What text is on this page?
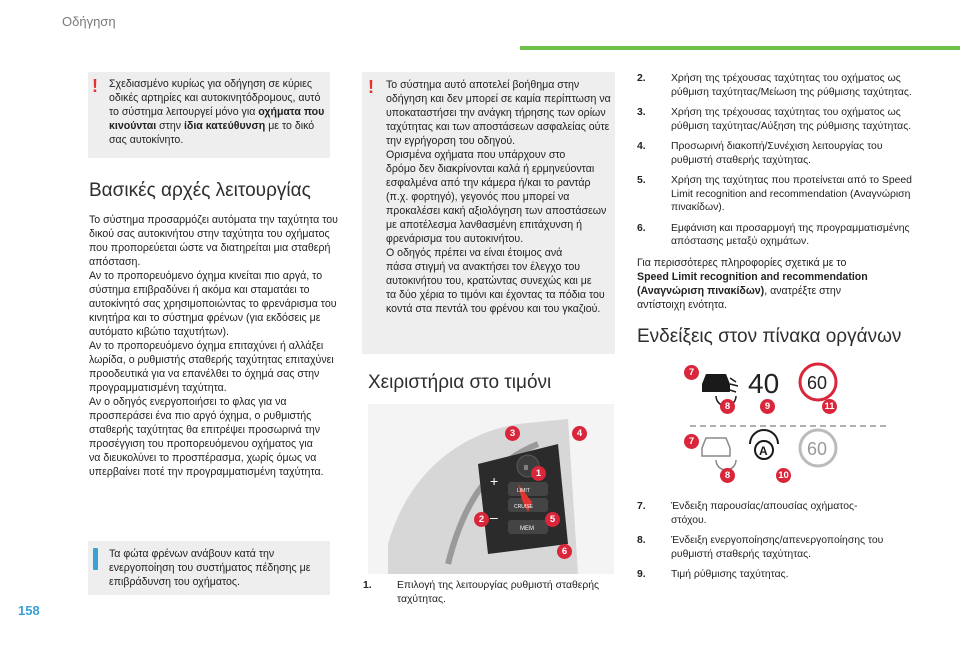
Οδήγηση
! Σχεδιασμένο κυρίως για οδήγηση σε κύριες
οδικές αρτηρίες και αυτοκινητόδρομους, αυτό
το σύστημα λειτουργεί μόνο για οχήματα που
κινούνται στην ίδια κατεύθυνση με το δικό
σας αυτοκίνητο.
Βασικές αρχές λειτουργίας
Το σύστημα προσαρμόζει αυτόματα την ταχύτητα του
δικού σας αυτοκινήτου στην ταχύτητα του οχήματος
που προπορεύεται ώστε να διατηρείται μια σταθερή
απόσταση.
Αν το προπορευόμενο όχημα κινείται πιο αργά, το
σύστημα επιβραδύνει ή ακόμα και σταματάει το
αυτοκίνητό σας χρησιμοποιώντας το φρενάρισμα του
κινητήρα και το σύστημα φρένων (για εκδόσεις με
αυτόματο κιβώτιο ταχυτήτων).
Αν το προπορευόμενο όχημα επιταχύνει ή αλλάξει
λωρίδα, ο ρυθμιστής σταθερής ταχύτητας επιταχύνει
προοδευτικά για να επανέλθει το όχημά σας στην
προγραμματισμένη ταχύτητα.
Αν ο οδηγός ενεργοποιήσει το φλας για να
προσπεράσει ένα πιο αργό όχημα, ο ρυθμιστής
σταθερής ταχύτητας θα επιτρέψει προσωρινά την
προσέγγιση του προπορευόμενου οχήματος για
να διευκολύνει το προσπέρασμα, χωρίς όμως να
υπερβαίνει ποτέ την προγραμματισμένη ταχύτητα.
Τα φώτα φρένων ανάβουν κατά την
ενεργοποίηση του συστήματος πέδησης με
επιβράδυνση του οχήματος.
! Το σύστημα αυτό αποτελεί βοήθημα στην
οδήγηση και δεν μπορεί σε καμία περίπτωση να
υποκαταστήσει την ανάγκη τήρησης των ορίων
ταχύτητας και των αποστάσεων ασφαλείας ούτε
την εγρήγορση του οδηγού.
Ορισμένα οχήματα που υπάρχουν στο
δρόμο δεν διακρίνονται καλά ή ερμηνεύονται
εσφαλμένα από την κάμερα ή/και το ραντάρ
(π.χ. φορτηγό), γεγονός που μπορεί να
προκαλέσει κακή αξιολόγηση των αποστάσεων
με αποτέλεσμα λανθασμένη επιτάχυνση ή
φρενάρισμα του αυτοκινήτου.
Ο οδηγός πρέπει να είναι έτοιμος ανά
πάσα στιγμή να ανακτήσει τον έλεγχο του
αυτοκινήτου του, κρατώντας συνεχώς και με
τα δύο χέρια το τιμόνι και έχοντας τα πόδια του
κοντά στα πεντάλ του φρένου και του γκαζιού.
Χειριστήρια στο τιμόνι
+
–
II
LIMIT
CRUISE
MEM
3	4
1
2	5
6
1. Επιλογή της λειτουργίας ρυθμιστή σταθερής
ταχύτητας.
2. Χρήση της τρέχουσας ταχύτητας του οχήματος ως
ρύθμιση ταχύτητας/Μείωση της ρύθμισης ταχύτητας.
3. Χρήση της τρέχουσας ταχύτητας του οχήματος ως
ρύθμιση ταχύτητας/Αύξηση της ρύθμισης ταχύτητας.
4. Προσωρινή διακοπή/Συνέχιση λειτουργίας του
ρυθμιστή σταθερής ταχύτητας.
5. Χρήση της ταχύτητας που προτείνεται από το Speed
Limit recognition and recommendation (Αναγνώριση
πινακίδων).
6. Εμφάνιση και προσαρμογή της προγραμματισμένης
απόστασης μεταξύ οχημάτων.
Για περισσότερες πληροφορίες σχετικά με το
Speed Limit recognition and recommendation
(Αναγνώριση πινακίδων), ανατρέξτε στην
αντίστοιχη ενότητα.
Ενδείξεις στον πίνακα οργάνων
40 60
A 60
7
8	9	11
7
8	10
7. Ένδειξη παρουσίας/απουσίας οχήματος-
στόχου.
8. Ένδειξη ενεργοποίησης/απενεργοποίησης του
ρυθμιστή σταθερής ταχύτητας.
9. Τιμή ρύθμισης ταχύτητας.
158
